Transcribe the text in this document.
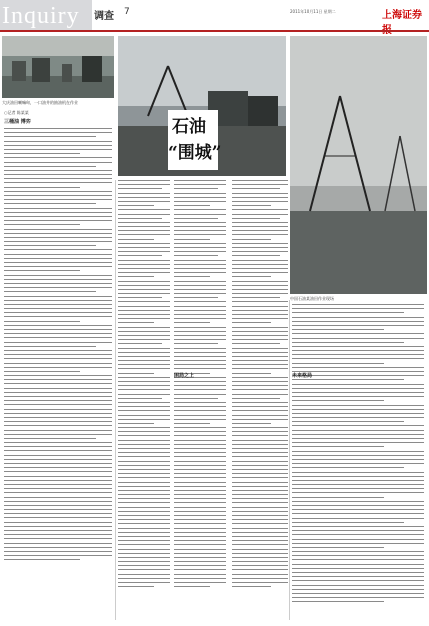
Inquiry 调查 7	2011年10月11日 星期二	上海证券
大庆油田喇嘛甸，一口油井的抽油机在作业
石油
“围城”
中国石油某油田作业现场
○记者 陈某某
三桶油 博弈
困局之上	未来格局
